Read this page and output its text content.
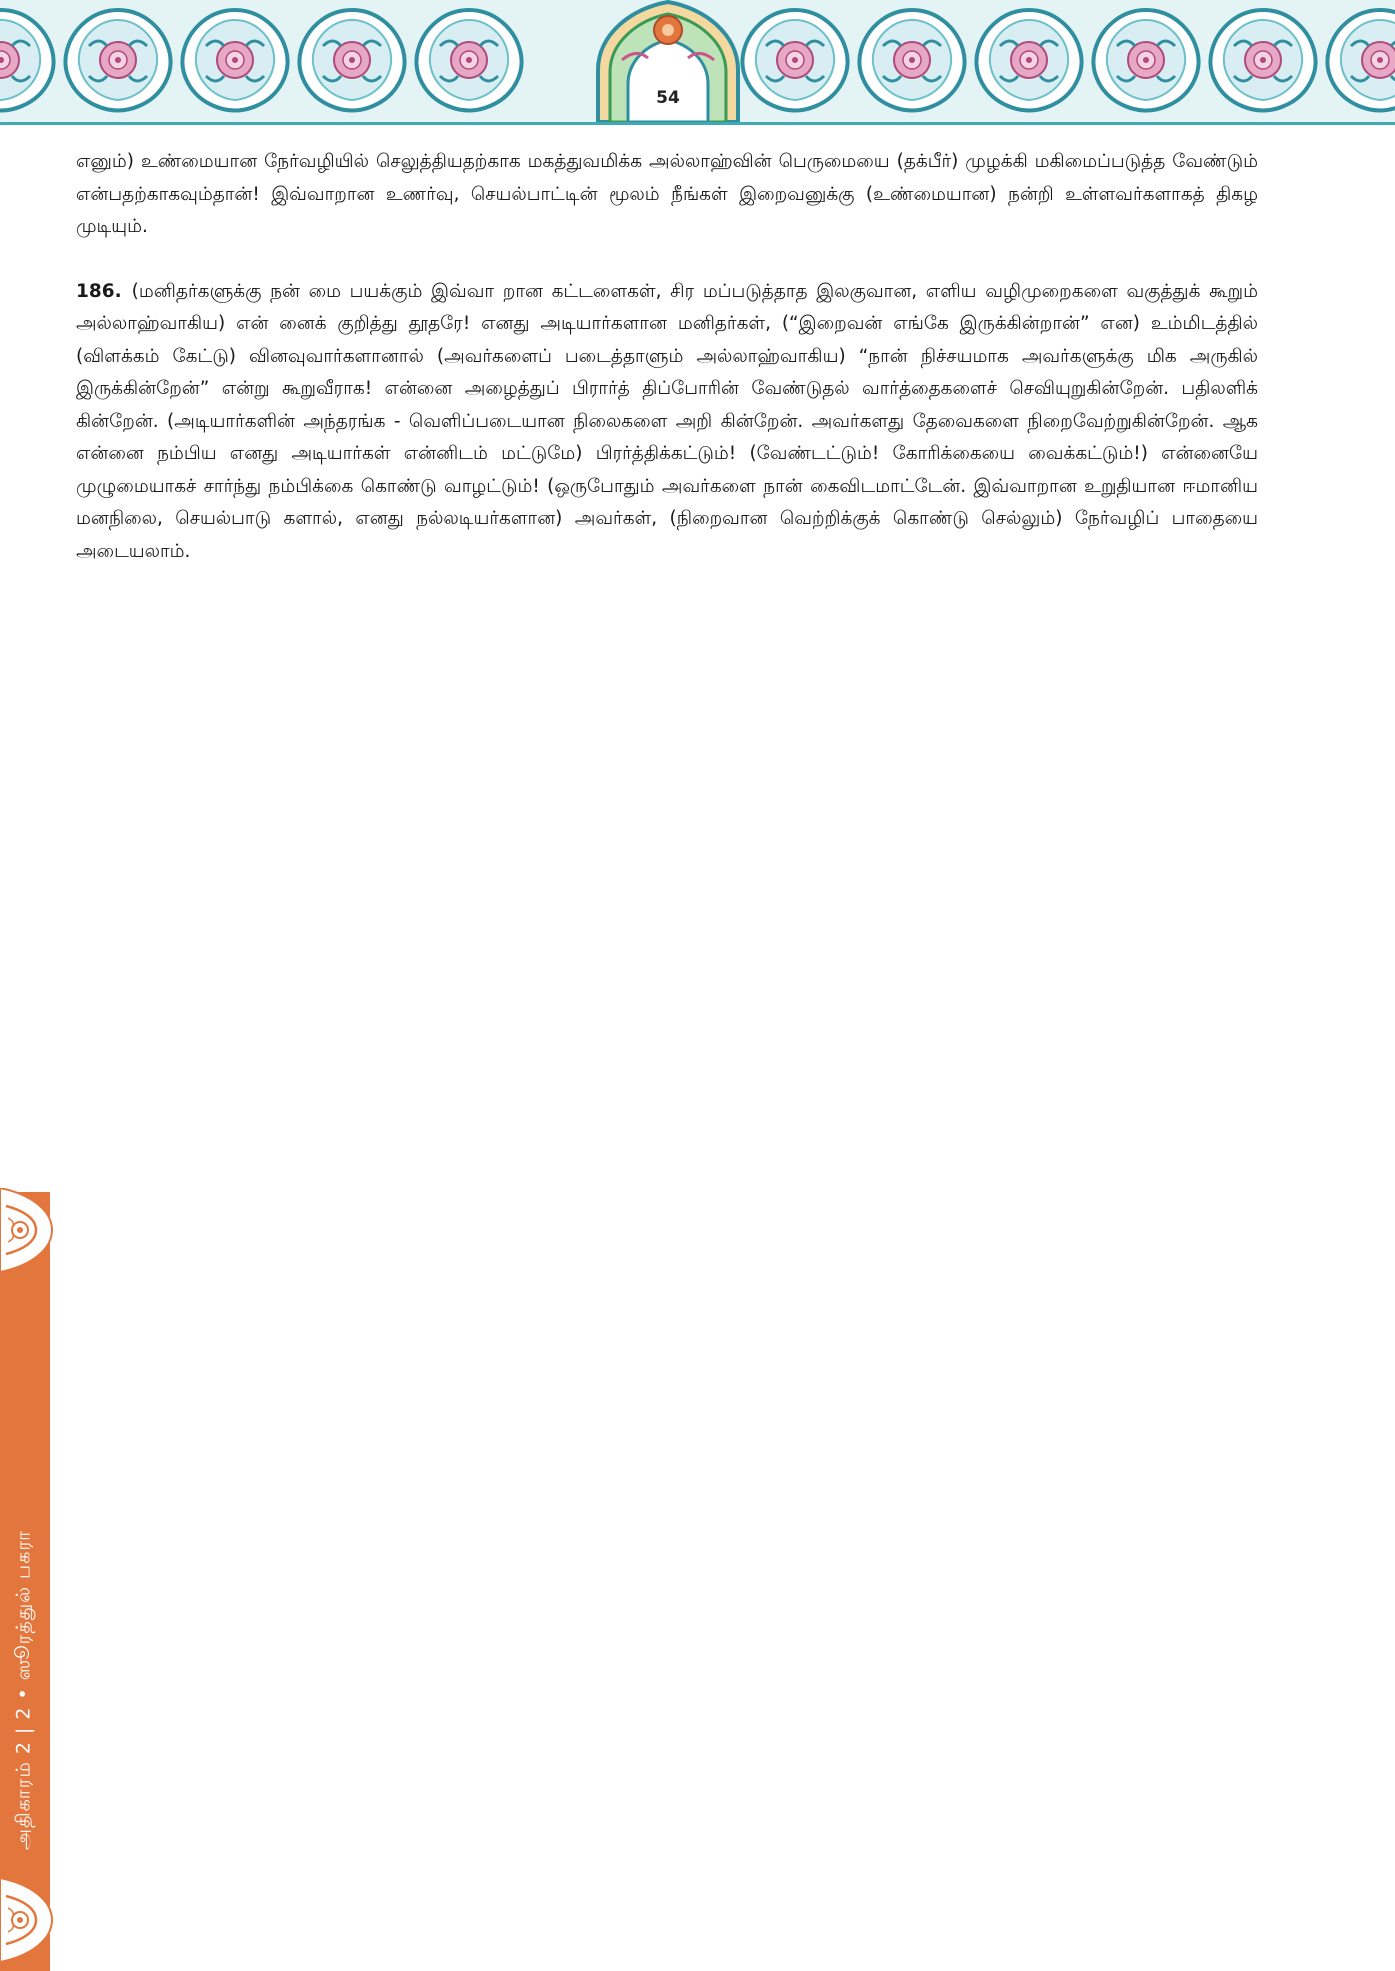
54

எனும்) உண்மையான நேர்வழியில் செலுத்தியதற்காக மகத்துவமிக்க அல்லாஹ்வின் பெருமையை (தக்பீர்) முழக்கி மகிமைப்படுத்த வேண்டும் என்பதற்காகவும்தான்! இவ்வாறான உணர்வு, செயல்பாட்டின் மூலம் நீங்கள் இறைவனுக்கு (உண்மையான) நன்றி உள்ளவர்களாகத் திகழ முடியும்.

186. (மனிதர்களுக்கு நன் மை பயக்கும் இவ்வா றான கட்டளைகள், சிர மப்படுத்தாத இலகுவான, எளிய வழிமுறைகளை வகுத்துக் கூறும் அல்லாஹ்வாகிய) என் னைக் குறித்து தூதரே! எனது அடியார்களான மனிதர்கள், (“இறைவன் எங்கே இருக்கின்றான்” என) உம்மிடத்தில் (விளக்கம் கேட்டு) வினவுவார்களானால் (அவர்களைப் படைத்தாளும் அல்லாஹ்வாகிய) “நான் நிச்சயமாக அவர்களுக்கு மிக அருகில் இருக்கின்றேன்” என்று கூறுவீராக! என்னை அழைத்துப் பிரார்த் திப்போரின் வேண்டுதல் வார்த்தைகளைச் செவியுறுகின்றேன். பதிலளிக் கின்றேன். (அடியார்களின் அந்தரங்க - வெளிப்படையான நிலைகளை அறி கின்றேன். அவர்களது தேவைகளை நிறைவேற்றுகின்றேன். ஆக என்னை நம்பிய எனது அடியார்கள் என்னிடம் மட்டுமே) பிரர்த்திக்கட்டும்! (வேண்டட்டும்! கோரிக்கையை வைக்கட்டும்!) என்னையே முழுமையாகச் சார்ந்து நம்பிக்கை கொண்டு வாழட்டும்! (ஒருபோதும் அவர்களை நான் கைவிடமாட்டேன். இவ்வாறான உறுதியான ஈமானிய மனநிலை, செயல்பாடு களால், எனது நல்லடியர்களான) அவர்கள், (நிறைவான வெற்றிக்குக் கொண்டு செல்லும்) நேர்வழிப் பாதையை அடையலாம்.

அதிகாரம் 2 | 2 • ஸூரத்துல் பகரா
